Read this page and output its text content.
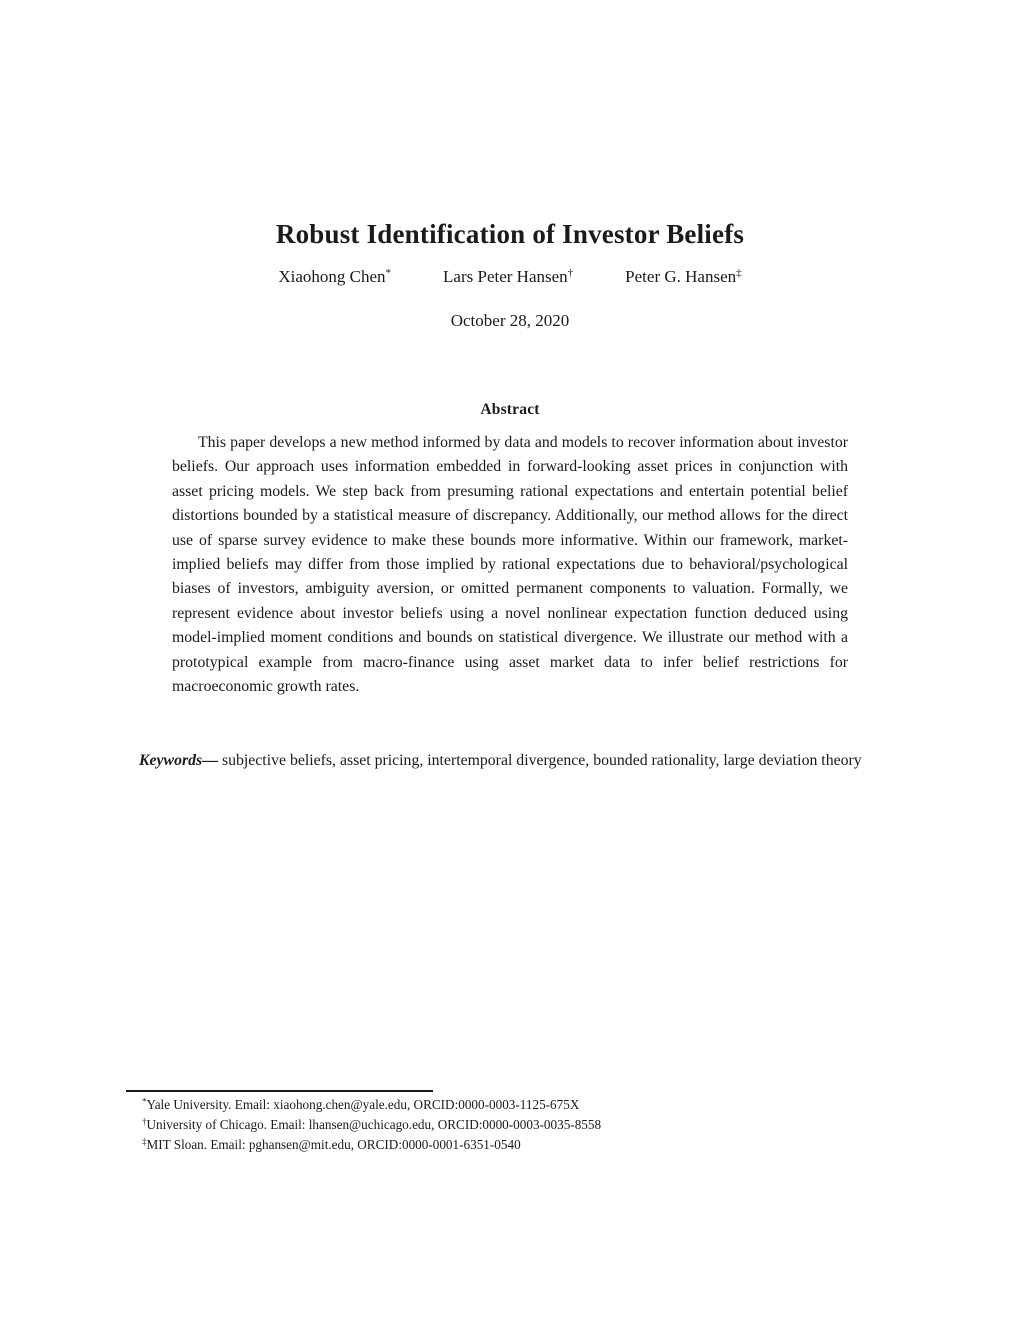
Robust Identification of Investor Beliefs
Xiaohong Chen*	Lars Peter Hansen†	Peter G. Hansen‡
October 28, 2020
Abstract

This paper develops a new method informed by data and models to recover information about investor beliefs. Our approach uses information embedded in forward-looking asset prices in conjunction with asset pricing models. We step back from presuming rational expectations and entertain potential belief distortions bounded by a statistical measure of discrepancy. Additionally, our method allows for the direct use of sparse survey evidence to make these bounds more informative. Within our framework, market-implied beliefs may differ from those implied by rational expectations due to behavioral/psychological biases of investors, ambiguity aversion, or omitted permanent components to valuation. Formally, we represent evidence about investor beliefs using a novel nonlinear expectation function deduced using model-implied moment conditions and bounds on statistical divergence. We illustrate our method with a prototypical example from macro-finance using asset market data to infer belief restrictions for macroeconomic growth rates.

Keywords— subjective beliefs, asset pricing, intertemporal divergence, bounded rationality, large deviation theory

*Yale University. Email: xiaohong.chen@yale.edu, ORCID:0000-0003-1125-675X
†University of Chicago. Email: lhansen@uchicago.edu, ORCID:0000-0003-0035-8558
‡MIT Sloan. Email: pghansen@mit.edu, ORCID:0000-0001-6351-0540
